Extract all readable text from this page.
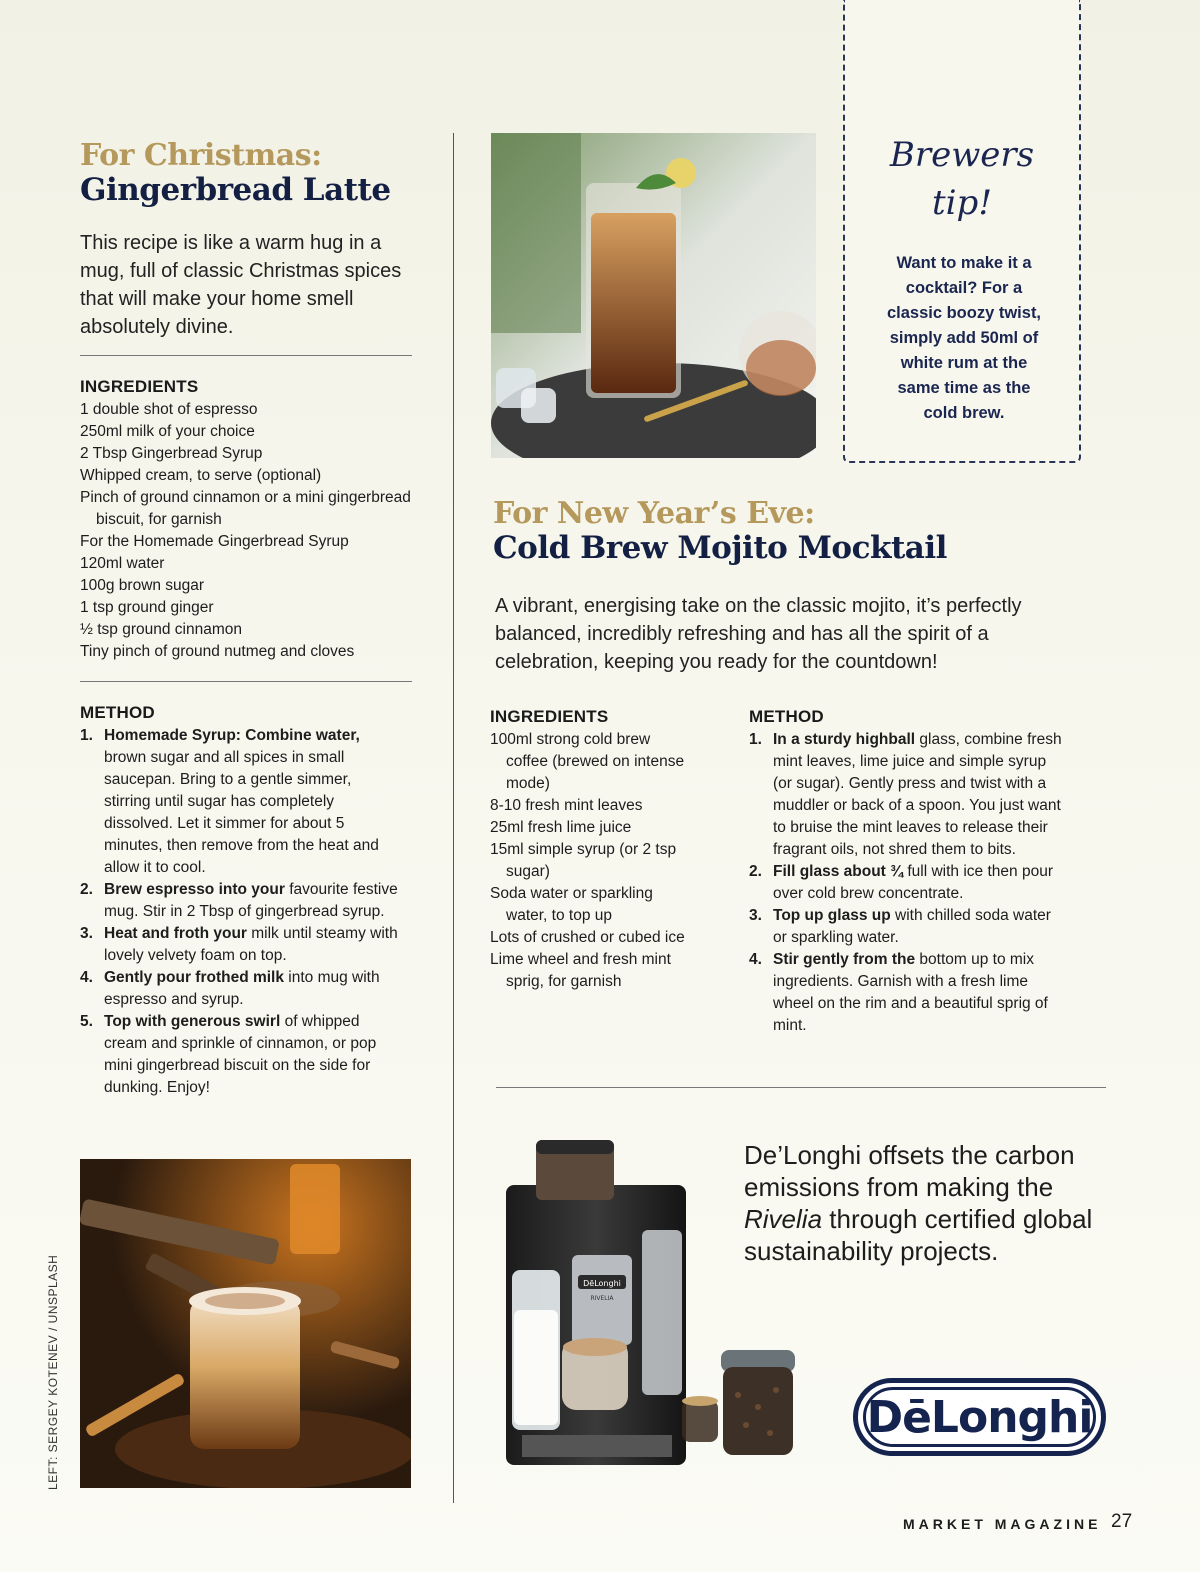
For Christmas:
Gingerbread Latte
This recipe is like a warm hug in a mug, full of classic Christmas spices that will make your home smell absolutely divine.
INGREDIENTS
1 double shot of espresso
250ml milk of your choice
2 Tbsp Gingerbread Syrup
Whipped cream, to serve (optional)
Pinch of ground cinnamon or a mini gingerbread biscuit, for garnish
For the Homemade Gingerbread Syrup
120ml water
100g brown sugar
1 tsp ground ginger
½ tsp ground cinnamon
Tiny pinch of ground nutmeg and cloves
METHOD
1. Homemade Syrup: Combine water, brown sugar and all spices in small saucepan. Bring to a gentle simmer, stirring until sugar has completely dissolved. Let it simmer for about 5 minutes, then remove from the heat and allow it to cool.
2. Brew espresso into your favourite festive mug. Stir in 2 Tbsp of gingerbread syrup.
3. Heat and froth your milk until steamy with lovely velvety foam on top.
4. Gently pour frothed milk into mug with espresso and syrup.
5. Top with generous swirl of whipped cream and sprinkle of cinnamon, or pop mini gingerbread biscuit on the side for dunking. Enjoy!
LEFT: SERGEY KOTENEV / UNSPLASH
Brewers
tip!
Want to make it a cocktail? For a classic boozy twist, simply add 50ml of white rum at the same time as the cold brew.
For New Year’s Eve:
Cold Brew Mojito Mocktail
A vibrant, energising take on the classic mojito, it’s perfectly balanced, incredibly refreshing and has all the spirit of a celebration, keeping you ready for the countdown!
INGREDIENTS
100ml strong cold brew coffee (brewed on intense mode)
8-10 fresh mint leaves
25ml fresh lime juice
15ml simple syrup (or 2 tsp sugar)
Soda water or sparkling water, to top up
Lots of crushed or cubed ice
Lime wheel and fresh mint sprig, for garnish
METHOD
1. In a sturdy highball glass, combine fresh mint leaves, lime juice and simple syrup (or sugar). Gently press and twist with a muddler or back of a spoon. You just want to bruise the mint leaves to release their fragrant oils, not shred them to bits.
2. Fill glass about ¾ full with ice then pour over cold brew concentrate.
3. Top up glass up with chilled soda water or sparkling water.
4. Stir gently from the bottom up to mix ingredients. Garnish with a fresh lime wheel on the rim and a beautiful sprig of mint.
DēLonghi
RIVELIA
De’Longhi offsets the carbon emissions from making the Rivelia through certified global sustainability projects.
DēLonghi
MARKET MAGAZINE 27
